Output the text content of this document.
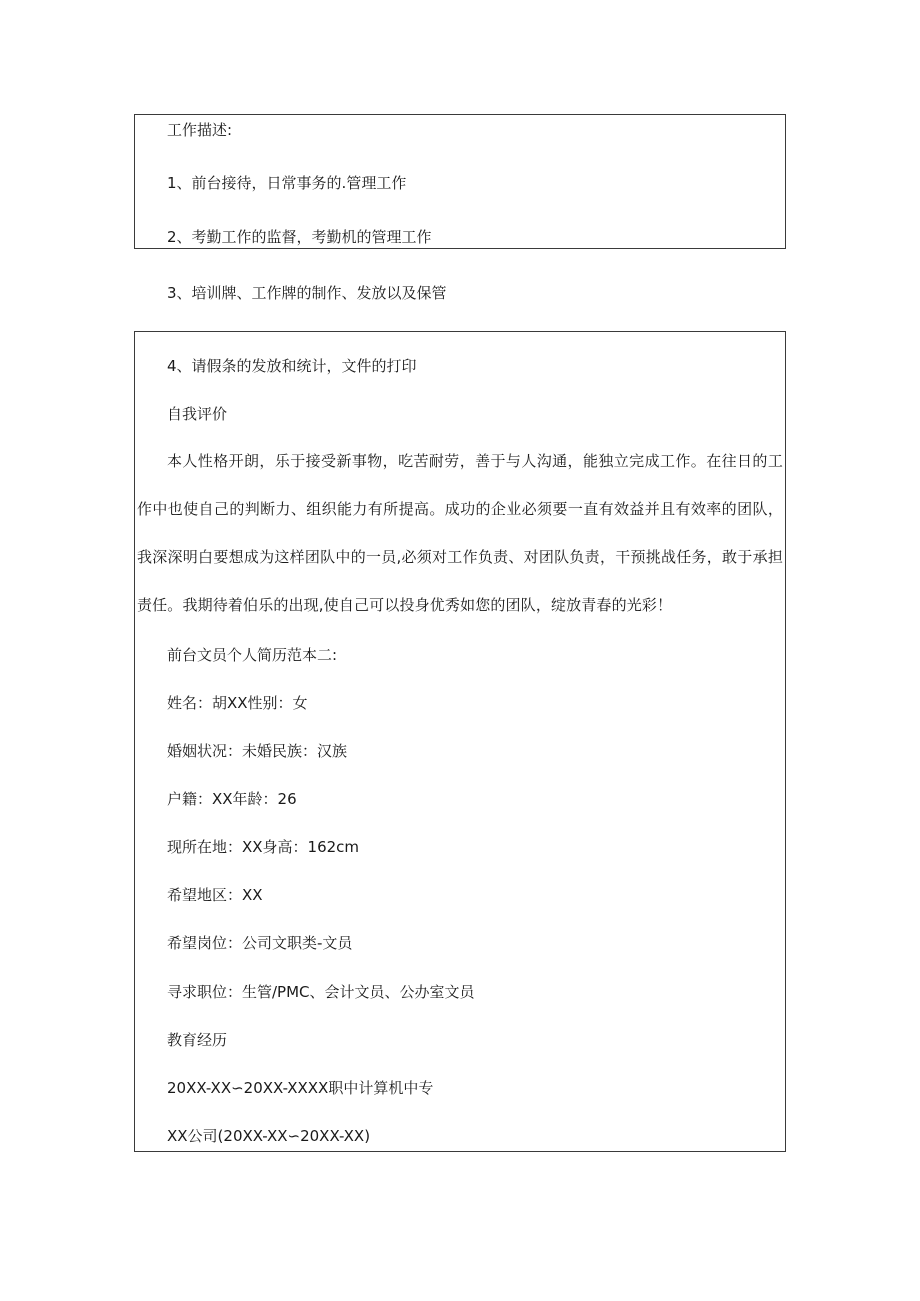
工作描述:
1、前台接待，日常事务的.管理工作
2、考勤工作的监督，考勤机的管理工作
3、培训牌、工作牌的制作、发放以及保管
4、请假条的发放和统计，文件的打印
自我评价
本人性格开朗，乐于接受新事物，吃苦耐劳，善于与人沟通，能独立完成工作。在往日的工作中也使自己的判断力、组织能力有所提高。成功的企业必须要一直有效益并且有效率的团队，我深深明白要想成为这样团队中的一员,必须对工作负责、对团队负责，干预挑战任务，敢于承担责任。我期待着伯乐的出现,使自己可以投身优秀如您的团队，绽放青春的光彩！
前台文员个人简历范本二:
姓名：胡XX性别：女
婚姻状况：未婚民族：汉族
户籍：XX年龄：26
现所在地：XX身高：162cm
希望地区：XX
希望岗位：公司文职类-文员
寻求职位：生管/PMC、会计文员、公办室文员
教育经历
20XX-XX∽20XX-XXXX职中计算机中专
XX公司(20XX-XX∽20XX-XX)
